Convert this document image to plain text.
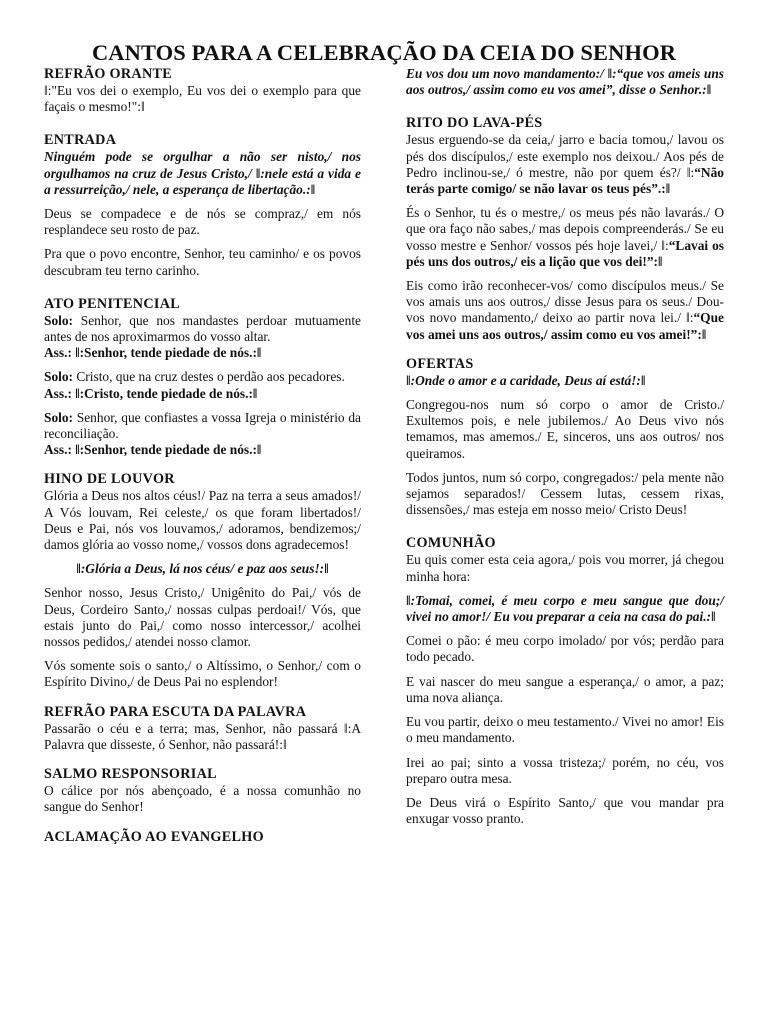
CANTOS PARA A CELEBRAÇÃO DA CEIA DO SENHOR
REFRÃO ORANTE

‖:"Eu vos dei o exemplo, Eu vos dei o exemplo para que façais o mesmo!":‖

ENTRADA

Ninguém pode se orgulhar a não ser nisto,/ nos orgulhamos na cruz de Jesus Cristo,/ ‖:nele está a vida e a ressurreição,/ nele, a esperança de libertação.:‖

Deus se compadece e de nós se compraz,/ em nós resplandece seu rosto de paz.

Pra que o povo encontre, Senhor, teu caminho/ e os povos descubram teu terno carinho.

ATO PENITENCIAL

Solo: Senhor, que nos mandastes perdoar mutuamente antes de nos aproximarmos do vosso altar.

Ass.: ‖:Senhor, tende piedade de nós.:‖

Solo: Cristo, que na cruz destes o perdão aos pecadores.

Ass.: ‖:Cristo, tende piedade de nós.:‖

Solo: Senhor, que confiastes a vossa Igreja o ministério da reconciliação.

Ass.: ‖:Senhor, tende piedade de nós.:‖

HINO DE LOUVOR

Glória a Deus nos altos céus!/ Paz na terra a seus amados!/ A Vós louvam, Rei celeste,/ os que foram libertados!/ Deus e Pai, nós vos louvamos,/ adoramos, bendizemos;/ damos glória ao vosso nome,/ vossos dons agradecemos!

‖:Glória a Deus, lá nos céus/ e paz aos seus!:‖

Senhor nosso, Jesus Cristo,/ Unigênito do Pai,/ vós de Deus, Cordeiro Santo,/ nossas culpas perdoai!/ Vós, que estais junto do Pai,/ como nosso intercessor,/ acolhei nossos pedidos,/ atendei nosso clamor.

Vós somente sois o santo,/ o Altíssimo, o Senhor,/ com o Espírito Divino,/ de Deus Pai no esplendor!

REFRÃO PARA ESCUTA DA PALAVRA

Passarão o céu e a terra; mas, Senhor, não passará ‖:A Palavra que disseste, ó Senhor, não passará!:‖

SALMO RESPONSORIAL

O cálice por nós abençoado, é a nossa comunhão no sangue do Senhor!

ACLAMAÇÃO AO EVANGELHO

Eu vos dou um novo mandamento:/ ‖:“que vos ameis uns aos outros,/ assim como eu vos amei”, disse o Senhor.:‖

RITO DO LAVA-PÉS

Jesus erguendo-se da ceia,/ jarro e bacia tomou,/ lavou os pés dos discípulos,/ este exemplo nos deixou./ Aos pés de Pedro inclinou-se,/ ó mestre, não por quem és?/ ‖:“Não terás parte comigo/ se não lavar os teus pés”.:‖

És o Senhor, tu és o mestre,/ os meus pés não lavarás./ O que ora faço não sabes,/ mas depois compreenderás./ Se eu vosso mestre e Senhor/ vossos pés hoje lavei,/ ‖:“Lavai os pés uns dos outros,/ eis a lição que vos dei!”:‖

Eis como irão reconhecer-vos/ como discípulos meus./ Se vos amais uns aos outros,/ disse Jesus para os seus./ Dou-vos novo mandamento,/ deixo ao partir nova lei./ ‖:“Que vos amei uns aos outros,/ assim como eu vos amei!”:‖

OFERTAS

‖:Onde o amor e a caridade, Deus aí está!:‖

Congregou-nos num só corpo o amor de Cristo./ Exultemos pois, e nele jubilemos./ Ao Deus vivo nós temamos, mas amemos./ E, sinceros, uns aos outros/ nos queiramos.

Todos juntos, num só corpo, congregados:/ pela mente não sejamos separados!/ Cessem lutas, cessem rixas, dissensões,/ mas esteja em nosso meio/ Cristo Deus!

COMUNHÃO

Eu quis comer esta ceia agora,/ pois vou morrer, já chegou minha hora:

‖:Tomai, comei, é meu corpo e meu sangue que dou;/ vivei no amor!/ Eu vou preparar a ceia na casa do pai.:‖

Comei o pão: é meu corpo imolado/ por vós; perdão para todo pecado.

E vai nascer do meu sangue a esperança,/ o amor, a paz; uma nova aliança.

Eu vou partir, deixo o meu testamento./ Vivei no amor! Eis o meu mandamento.

Irei ao pai; sinto a vossa tristeza;/ porém, no céu, vos preparo outra mesa.

De Deus virá o Espírito Santo,/ que vou mandar pra enxugar vosso pranto.
